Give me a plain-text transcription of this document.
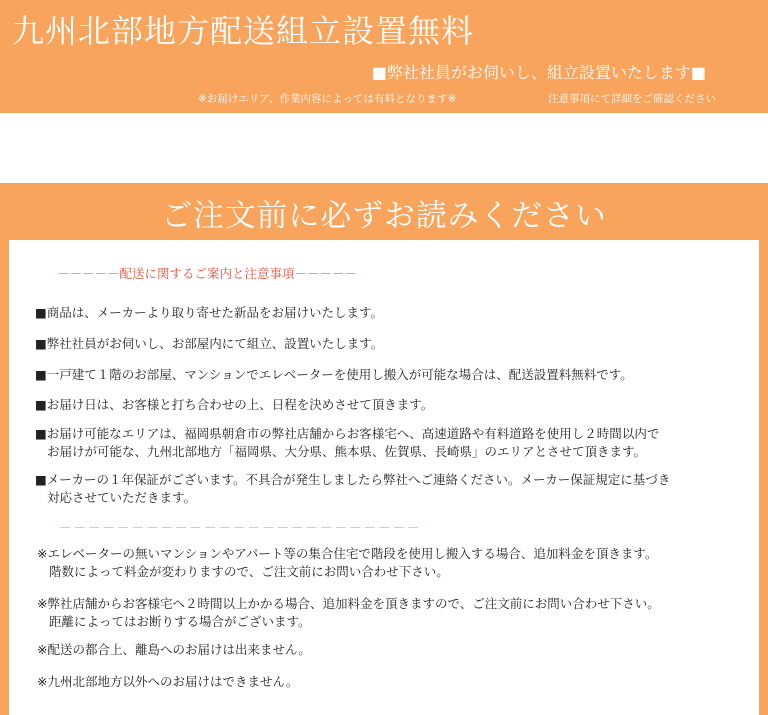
九州北部地方配送組立設置無料
■弊社社員がお伺いし、組立設置いたします■
※お届けエリア、作業内容によっては有料となります※	注意事項にて詳細をご確認ください
ご注文前に必ずお読みください
－－－－－配送に関するご案内と注意事項－－－－－
■商品は、メーカーより取り寄せた新品をお届けいたします。
■弊社社員がお伺いし、お部屋内にて組立、設置いたします。
■一戸建て１階のお部屋、マンションでエレベーターを使用し搬入が可能な場合は、配送設置料無料です。
■お届け日は、お客様と打ち合わせの上、日程を決めさせて頂きます。
■お届け可能なエリアは、福岡県朝倉市の弊社店舗からお客様宅へ、高速道路や有料道路を使用し２時間以内で
お届けが可能な、九州北部地方「福岡県、大分県、熊本県、佐賀県、長崎県」のエリアとさせて頂きます。
■メーカーの１年保証がございます。不具合が発生しましたら弊社へご連絡ください。メーカー保証規定に基づき
対応させていただきます。
－－－－－－－－－－－－－－－－－－－－－－－－－
※エレベーターの無いマンションやアパート等の集合住宅で階段を使用し搬入する場合、追加料金を頂きます。
階数によって料金が変わりますので、ご注文前にお問い合わせ下さい。
※弊社店舗からお客様宅へ２時間以上かかる場合、追加料金を頂きますので、ご注文前にお問い合わせ下さい。
距離によってはお断りする場合がございます。
※配送の都合上、離島へのお届けは出来ません。
※九州北部地方以外へのお届けはできません。
